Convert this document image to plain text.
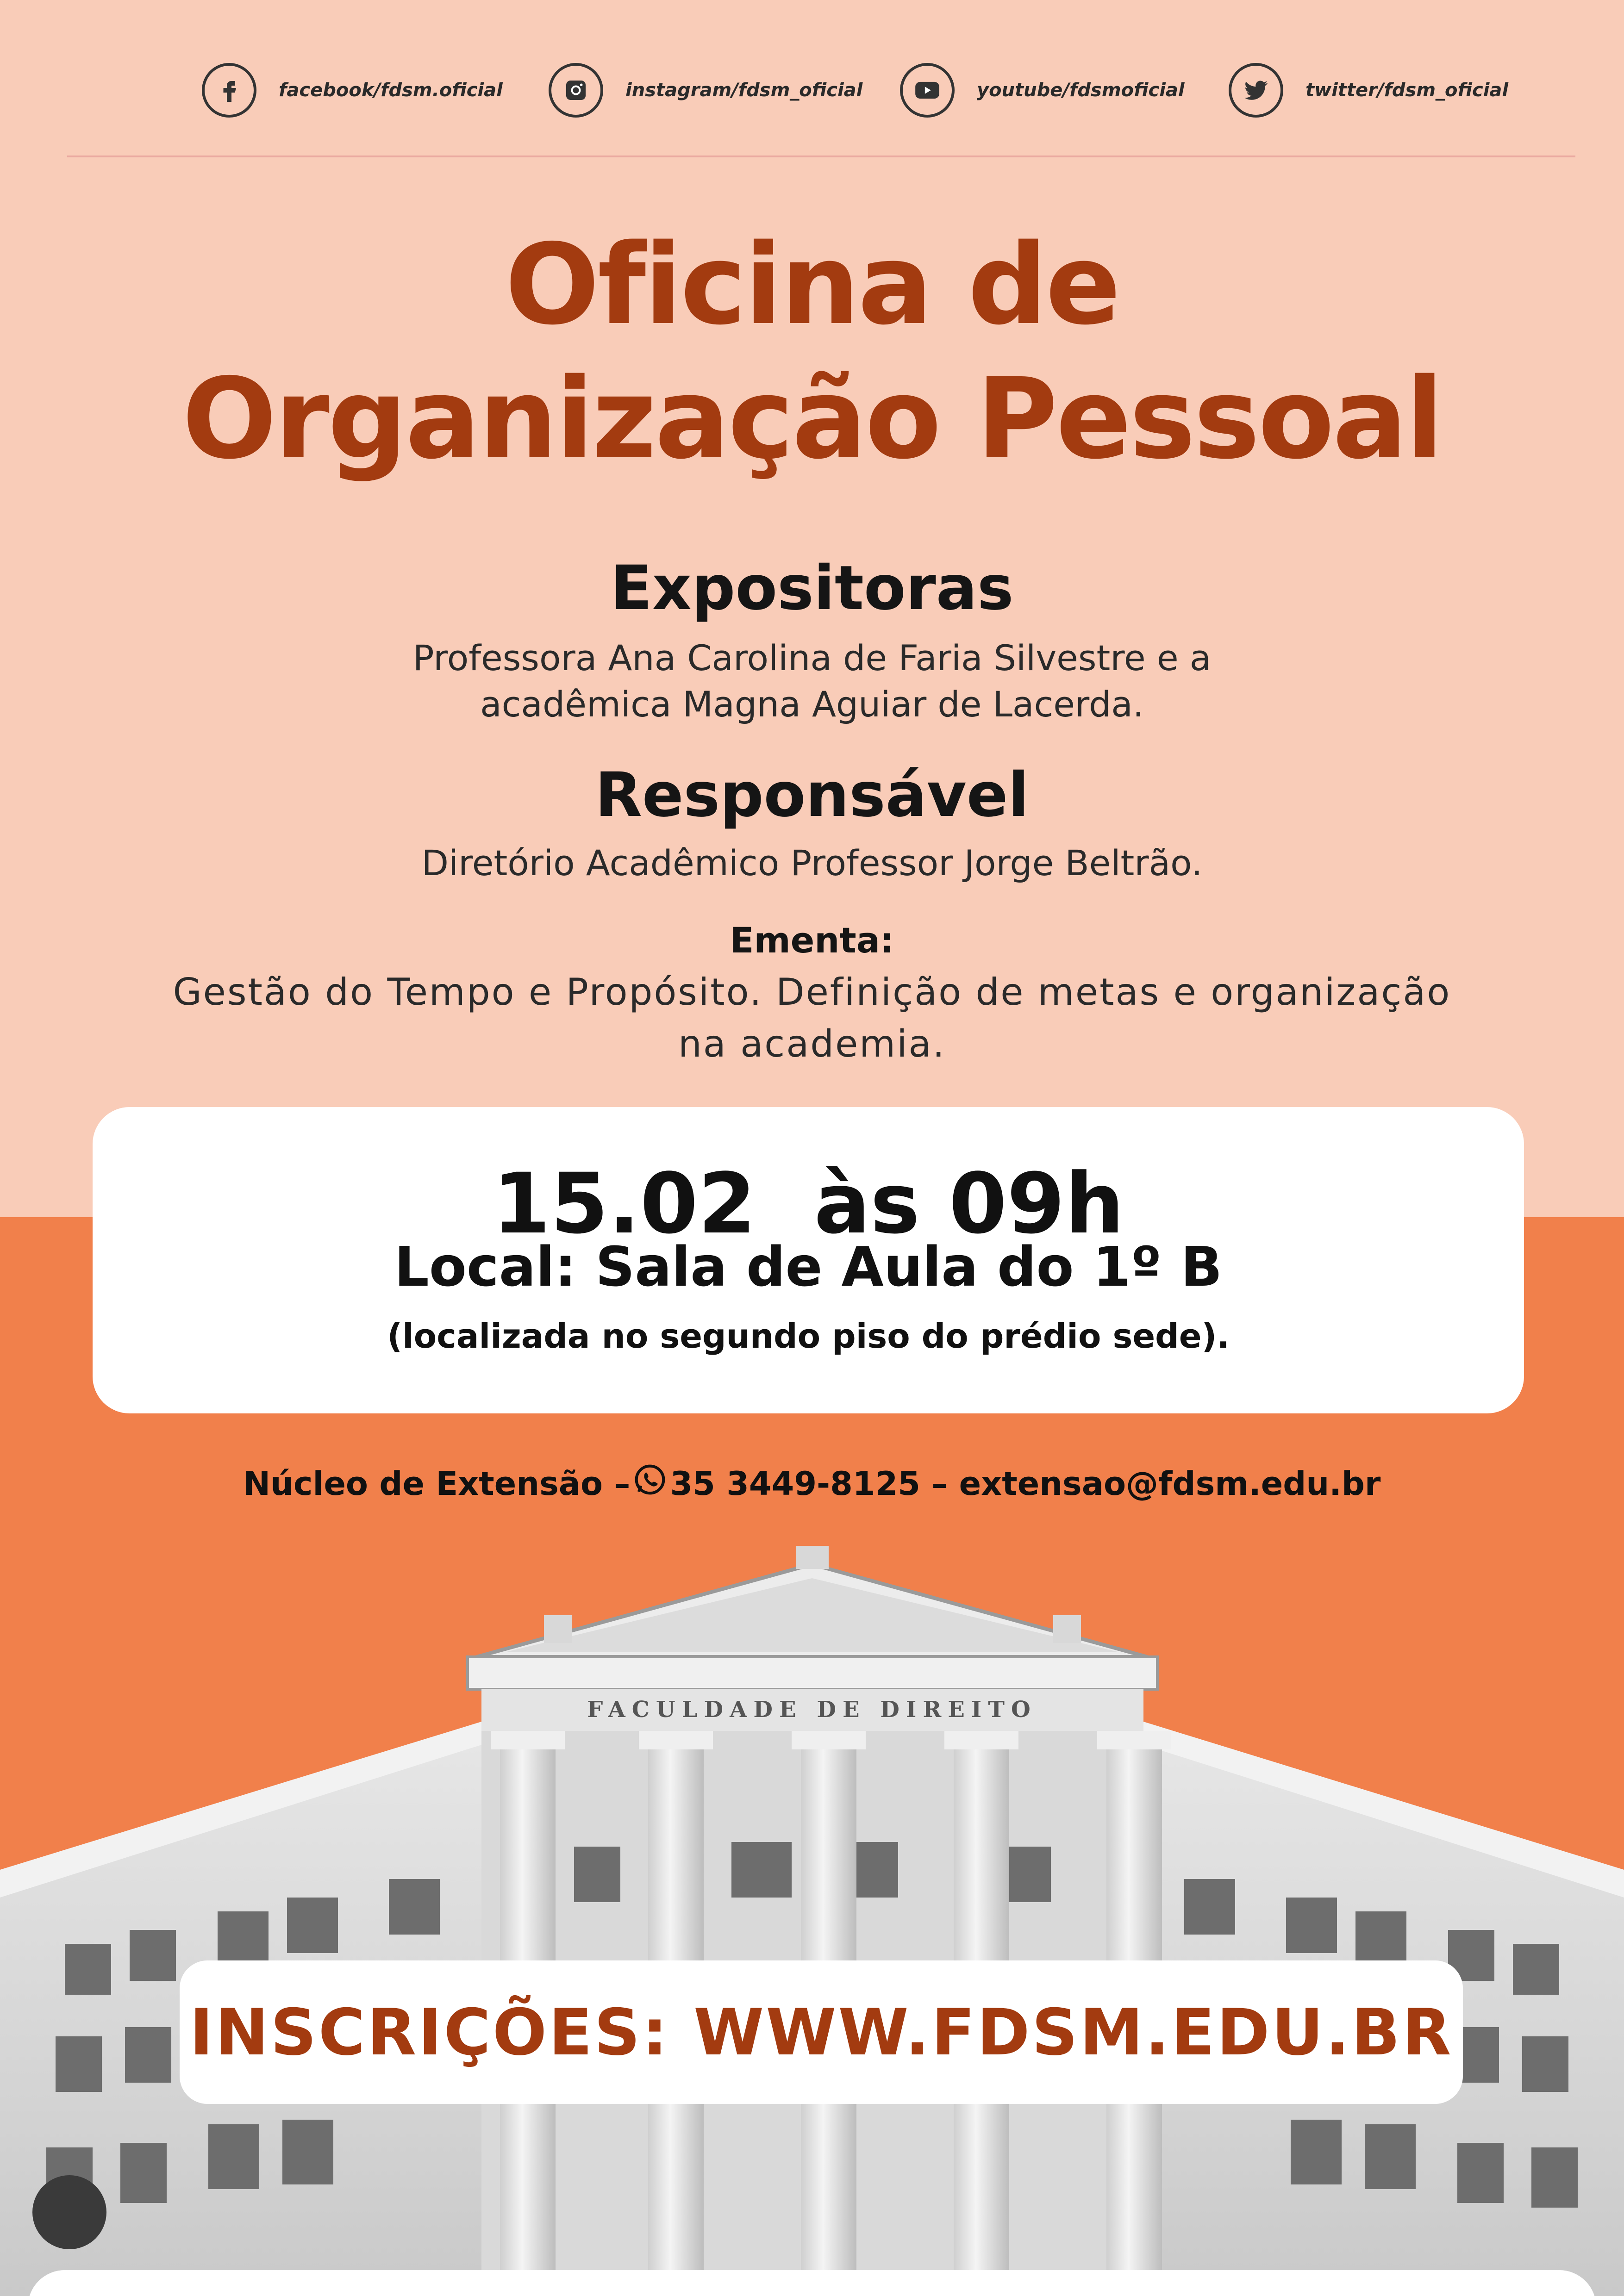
facebook/fdsm.oficial	instagram/fdsm_oficial	youtube/fdsmoficial	twitter/fdsm_oficial
Oficina de
Organização Pessoal
Expositoras
Professora Ana Carolina de Faria Silvestre e a
acadêmica Magna Aguiar de Lacerda.
Responsável
Diretório Acadêmico Professor Jorge Beltrão.
Ementa:
Gestão do Tempo e Propósito. Definição de metas e organização
na academia.
15.02  às 09h
Local: Sala de Aula do 1º B
(localizada no segundo piso do prédio sede).
Núcleo de Extensão – 35 3449-8125 – extensao@fdsm.edu.br
FACULDADE DE DIREITO
INSCRIÇÕES: WWW.FDSM.EDU.BR
